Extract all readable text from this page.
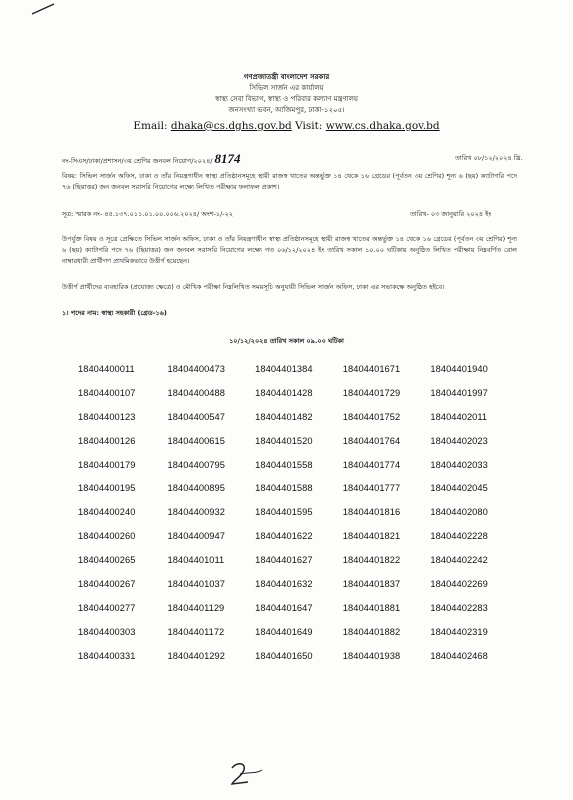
গণপ্রজাতন্ত্রী বাংলাদেশ সরকার
সিভিল সার্জন এর কার্যালয়
স্বাস্থ্য সেবা বিভাগ, স্বাস্থ্য ও পরিবার কল্যাণ মন্ত্রণালয়
জনসংখ্যা ভবন, আজিমপুর, ঢাকা-১২০৫।
Email: dhaka@cs.dghs.gov.bd Visit: www.cs.dhaka.gov.bd
নং-সিএস/ঢাকা/প্রশাসন/৩য় শ্রেণির জনবল নিয়োগ/২০২৪/ 8174	তারিখ ০৮/১২/২০২৪ খ্রি.
বিষয়: সিভিল সার্জন অফিস, ঢাকা ও তাঁর নিয়ন্ত্রণাধীন স্বাস্থ্য প্রতিষ্ঠানসমূহে স্থায়ী রাজস্ব খাতের অন্তর্ভুক্ত ১৪ থেকে ১৬ গ্রেডের (পূর্বতন ৩য় শ্রেণির) শূন্য ৬ (ছয়) ক্যাটাগরি পদে ৭৬ (ছিয়াত্তর) জন জনবল সরাসরি নিয়োগের লক্ষ্যে লিখিত পরীক্ষার ফলাফল প্রকাশ।
সূত্র: স্মারক নং- ৪৫.১৩৭.০১১.০১.০০.০০৬.২০২৪/ অংশ-১/-২২	তারিখ- ০৩ জানুয়ারি ২০২৪ ইং
উপর্যুক্ত বিষয় ও সূত্রে প্রেক্ষিতে সিভিল সার্জন অফিস, ঢাকা ও তাঁর নিয়ন্ত্রণাধীন স্বাস্থ্য প্রতিষ্ঠানসমূহে স্থায়ী রাজস্ব খাতের অন্তর্ভুক্ত ১৪ থেকে ১৬ গ্রেডের (পূর্বতন ৩য় শ্রেণির) শূন্য ৬ (ছয়) ক্যাটাগরি পদে ৭৬ (ছিয়াত্তর) জন জনবল সরাসরি নিয়োগের লক্ষ্যে গত ০৬/১২/২০২৪ ইং তারিখ সকাল ১০.০০ ঘটিকায় অনুষ্ঠিত লিখিত পরীক্ষায় নিম্নবর্ণিত রোল নাম্বারধারী প্রার্থীগণ প্রাথমিকভাবে উত্তীর্ণ হয়েছেন।
উত্তীর্ণ প্রার্থীদের ব্যবহারিক (প্রযোজ্য ক্ষেত্রে) ও মৌখিক পরীক্ষা নিম্নলিখিত সময়সূচি অনুযায়ী সিভিল সার্জন অফিস, ঢাকা এর সভাকক্ষে অনুষ্ঠিত হইবে।
১। পদের নাম: স্বাস্থ্য সহকারী (গ্রেড-১৬)
১০/১২/২০২৪ তারিখ সকাল ০৯.০০ ঘটিকা
18404400011	18404400473	18404401384	18404401671	18404401940
18404400107	18404400488	18404401428	18404401729	18404401997
18404400123	18404400547	18404401482	18404401752	18404402011
18404400126	18404400615	18404401520	18404401764	18404402023
18404400179	18404400795	18404401558	18404401774	18404402033
18404400195	18404400895	18404401588	18404401777	18404402045
18404400240	18404400932	18404401595	18404401816	18404402080
18404400260	18404400947	18404401622	18404401821	18404402228
18404400265	18404401011	18404401627	18404401822	18404402242
18404400267	18404401037	18404401632	18404401837	18404402269
18404400277	18404401129	18404401647	18404401881	18404402283
18404400303	18404401172	18404401649	18404401882	18404402319
18404400331	18404401292	18404401650	18404401938	18404402468
